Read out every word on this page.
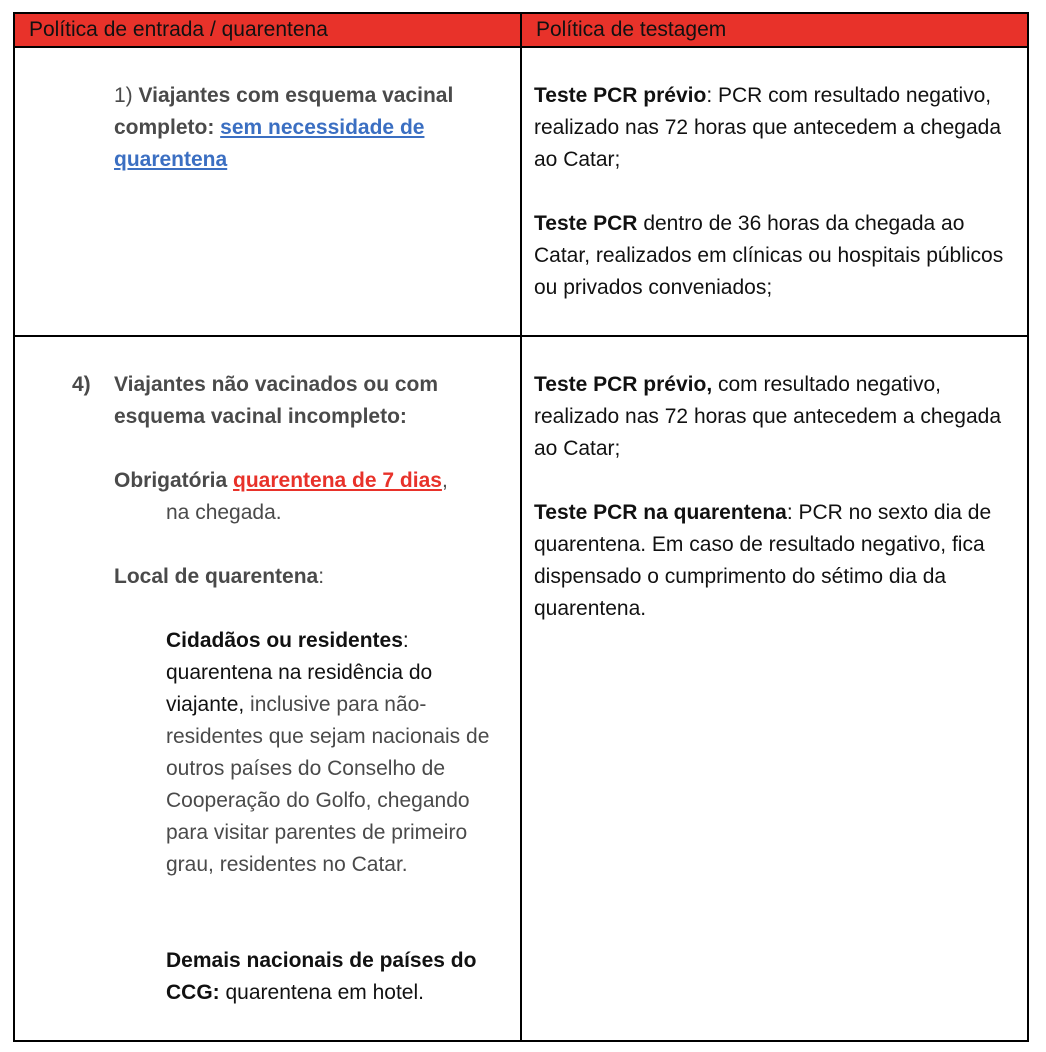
Política de entrada / quarentena	Política de testagem
1) Viajantes com esquema vacinal completo: sem necessidade de quarentena

Teste PCR prévio: PCR com resultado negativo, realizado nas 72 horas que antecedem a chegada ao Catar;

Teste PCR dentro de 36 horas da chegada ao Catar, realizados em clínicas ou hospitais públicos ou privados conveniados;

4) Viajantes não vacinados ou com esquema vacinal incompleto:
Obrigatória quarentena de 7 dias,
na chegada.
Local de quarentena:
Cidadãos ou residentes: quarentena na residência do viajante, inclusive para não-residentes que sejam nacionais de outros países do Conselho de Cooperação do Golfo, chegando para visitar parentes de primeiro grau, residentes no Catar.
Demais nacionais de países do CCG: quarentena em hotel.

Teste PCR prévio, com resultado negativo, realizado nas 72 horas que antecedem a chegada ao Catar;

Teste PCR na quarentena: PCR no sexto dia de quarentena. Em caso de resultado negativo, fica dispensado o cumprimento do sétimo dia da quarentena.
